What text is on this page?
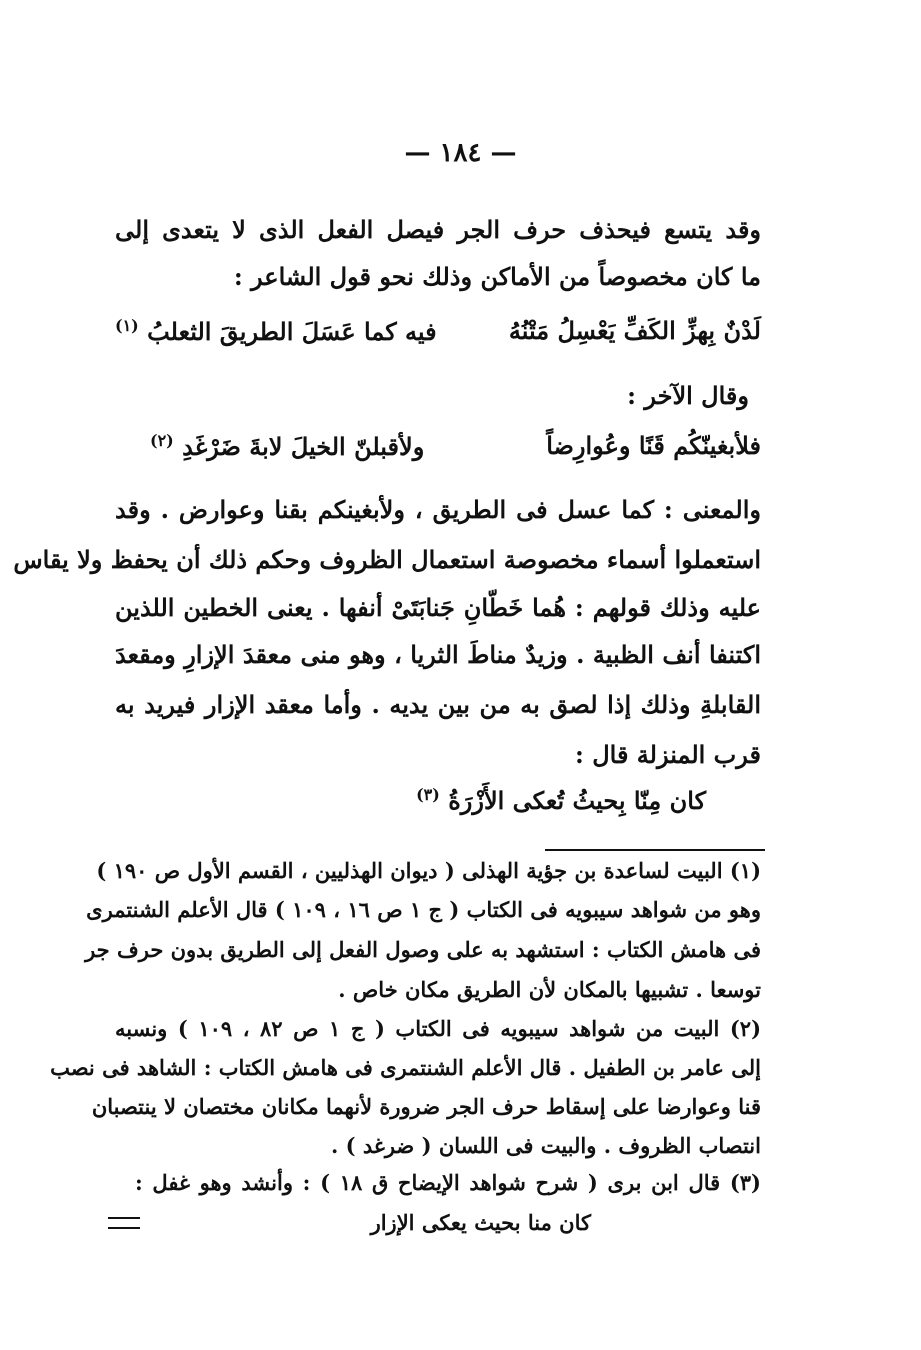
— ١٨٤ —

وقد يتسع فيحذف حرف الجر فيصل الفعل الذى لا يتعدى إلى

ما كان مخصوصاً من الأماكن وذلك نحو قول الشاعر :

لَدْنٌ بِهزِّ الكَفِّ يَعْسِلُ مَتْنُهُ

فيه كما عَسَلَ الطريقَ الثعلبُ $^{(١)}$

وقال الآخر :

فلأبغينّكُم قَنًا وعُوارِضاً

ولأقبلنّ الخيلَ لابةَ ضَرْغَدِ $^{(٢)}$

والمعنى : كما عسل فى الطريق ، ولأبغينكم بقنا وعوارض . وقد

استعملوا أسماء مخصوصة استعمال الظروف وحكم ذلك أن يحفظ ولا يقاس

عليه وذلك قولهم : هُما خَطّانِ جَنابَتَىْ أنفها . يعنى الخطين اللذين

اكتنفا أنف الظبية . وزيدٌ مناطَ الثريا ، وهو منى معقدَ الإزارِ ومقعدَ

القابلةِ وذلك إذا لصق به من بين يديه . وأما معقد الإزار فيريد به

قرب المنزلة قال :

كان مِنّا بِحيثُ تُعكى الأَزْرَةُ $^{(٣)}$

(١) البيت لساعدة بن جؤية الهذلى ( ديوان الهذليين ، القسم الأول ص ١٩٠ )

وهو من شواهد سيبويه فى الكتاب ( ج ١ ص ١٦ ، ١٠٩ ) قال الأعلم الشنتمرى

فى هامش الكتاب : استشهد به على وصول الفعل إلى الطريق بدون حرف جر

توسعا . تشبيها بالمكان لأن الطريق مكان خاص .

(٢) البيت من شواهد سيبويه فى الكتاب ( ج ١ ص ٨٢ ، ١٠٩ ) ونسبه

إلى عامر بن الطفيل . قال الأعلم الشنتمرى فى هامش الكتاب : الشاهد فى نصب

قنا وعوارضا على إسقاط حرف الجر ضرورة لأنهما مكانان مختصان لا ينتصبان

انتصاب الظروف . والبيت فى اللسان ( ضرغد ) .

(٣) قال ابن برى ( شرح شواهد الإيضاح ق ١٨ ) : وأنشد وهو غفل :

كان منا بحيث يعكى الإزار
